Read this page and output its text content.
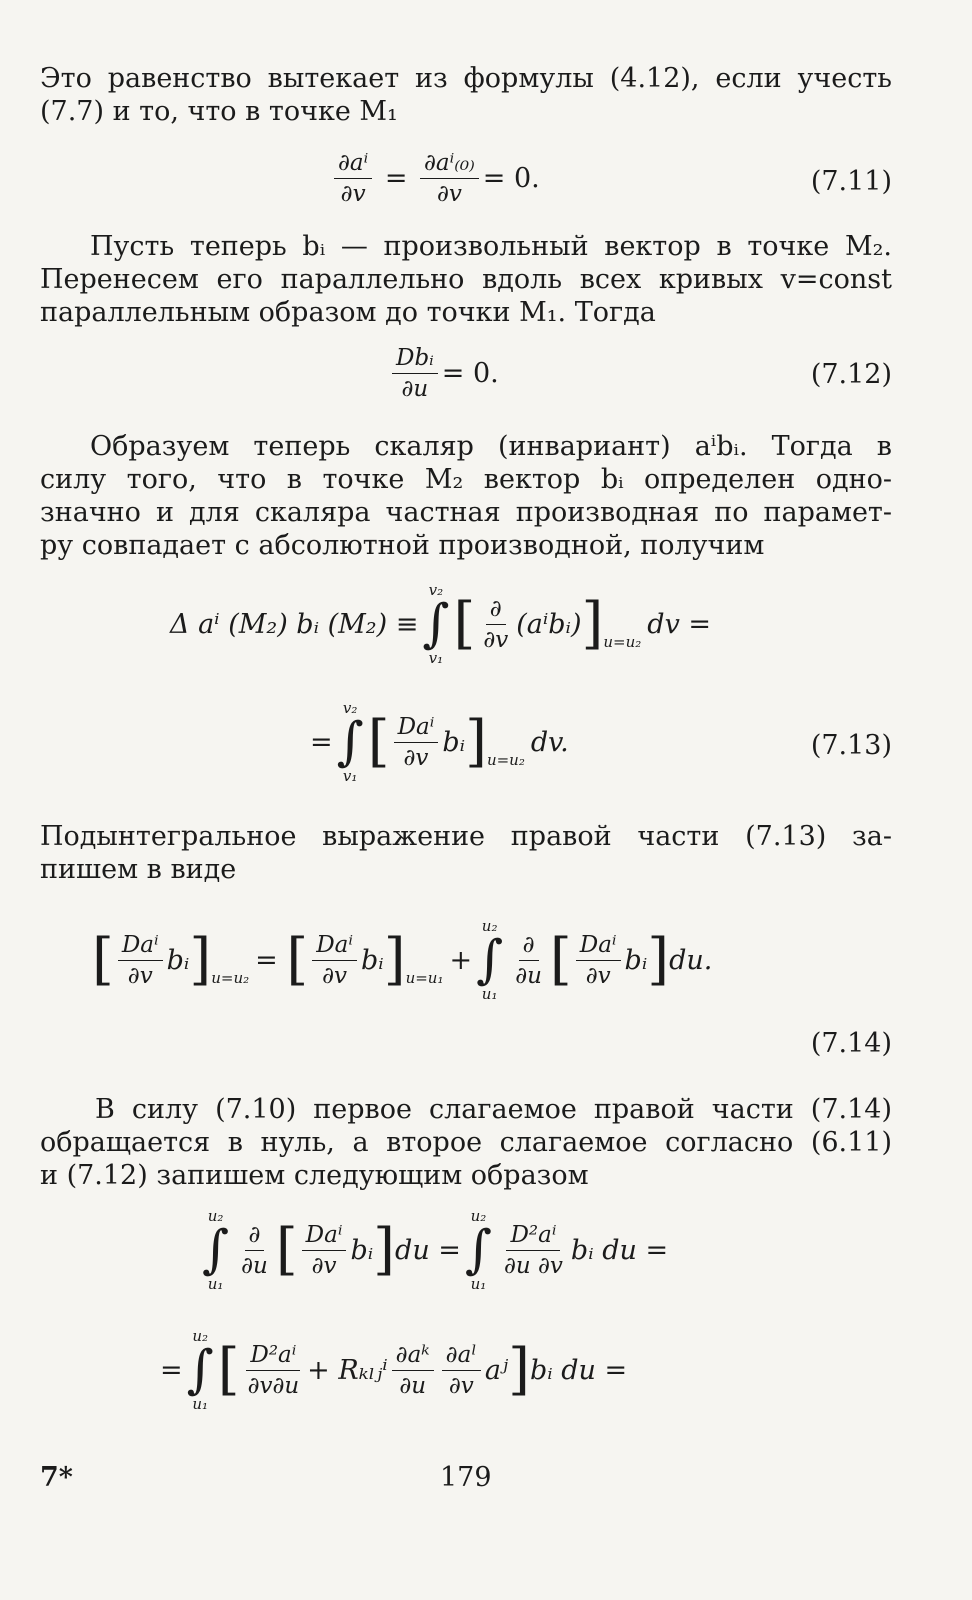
Это равенство вытекает из формулы (4.12), если учесть
(7.7) и то, что в точке M₁
$\frac{\text{∂aⁱ}}{\partial v} = \frac{\text{∂aⁱ₍₀₎}}{\partial v} = 0$.	(7.11)
Пусть теперь bᵢ — произвольный вектор в точке M₂.
Перенесем его параллельно вдоль всех кривых v=const
параллельным образом до точки M₁. Тогда
$\frac{\text{Dbᵢ}}{\partial u} = 0$.	(7.12)
Образуем теперь скаляр (инвариант) aⁱbᵢ. Тогда в
силу того, что в точке M₂ вектор bᵢ определен одно-
значно и для скаляра частная производная по парамет-
ру совпадает с абсолютной производной, получим
Δ aⁱ (M₂) bᵢ (M₂) ≡
v₂
∫
v₁
[ $\frac{\partial}{\partial v}$ (aⁱbᵢ) ] u=u₂
dv =
=
v₂
∫
v₁
[ $\frac{\text{Daⁱ}}{\partial v}$ bᵢ ] u=u₂
dv.	(7.13)
Подынтегральное выражение правой части (7.13) за-
пишем в виде
[ $\frac{\text{Daⁱ}}{\partial v}$ bᵢ ] u=u₂
= [ $\frac{\text{Daⁱ}}{\partial v}$ bᵢ ] u=u₁
+
u₂
∫
u₁
$\frac{\partial}{\partial u}$ [ $\frac{\text{Daⁱ}}{\partial v}$ bᵢ ] du.
(7.14)
В силу (7.10) первое слагаемое правой части (7.14)
обращается в нуль, а второе слагаемое согласно (6.11)
и (7.12) запишем следующим образом
u₂
∫
u₁
$\frac{\partial}{\partial u}$ [ $\frac{\text{Daⁱ}}{\partial v}$ bᵢ ] du =
u₂
∫
u₁
$\frac{\text{D²aⁱ}}{\partial u \partial v}$ bᵢ du =
=
u₂
∫
u₁
[ $\frac{\text{D²aⁱ}}{\partial v\partial u}$ + Rₖₗⱼⁱ $\frac{\text{∂aᵏ}}{\partial u} \frac{\text{∂aˡ}}{\partial v}$ aʲ ] bᵢ du =
7*	179
